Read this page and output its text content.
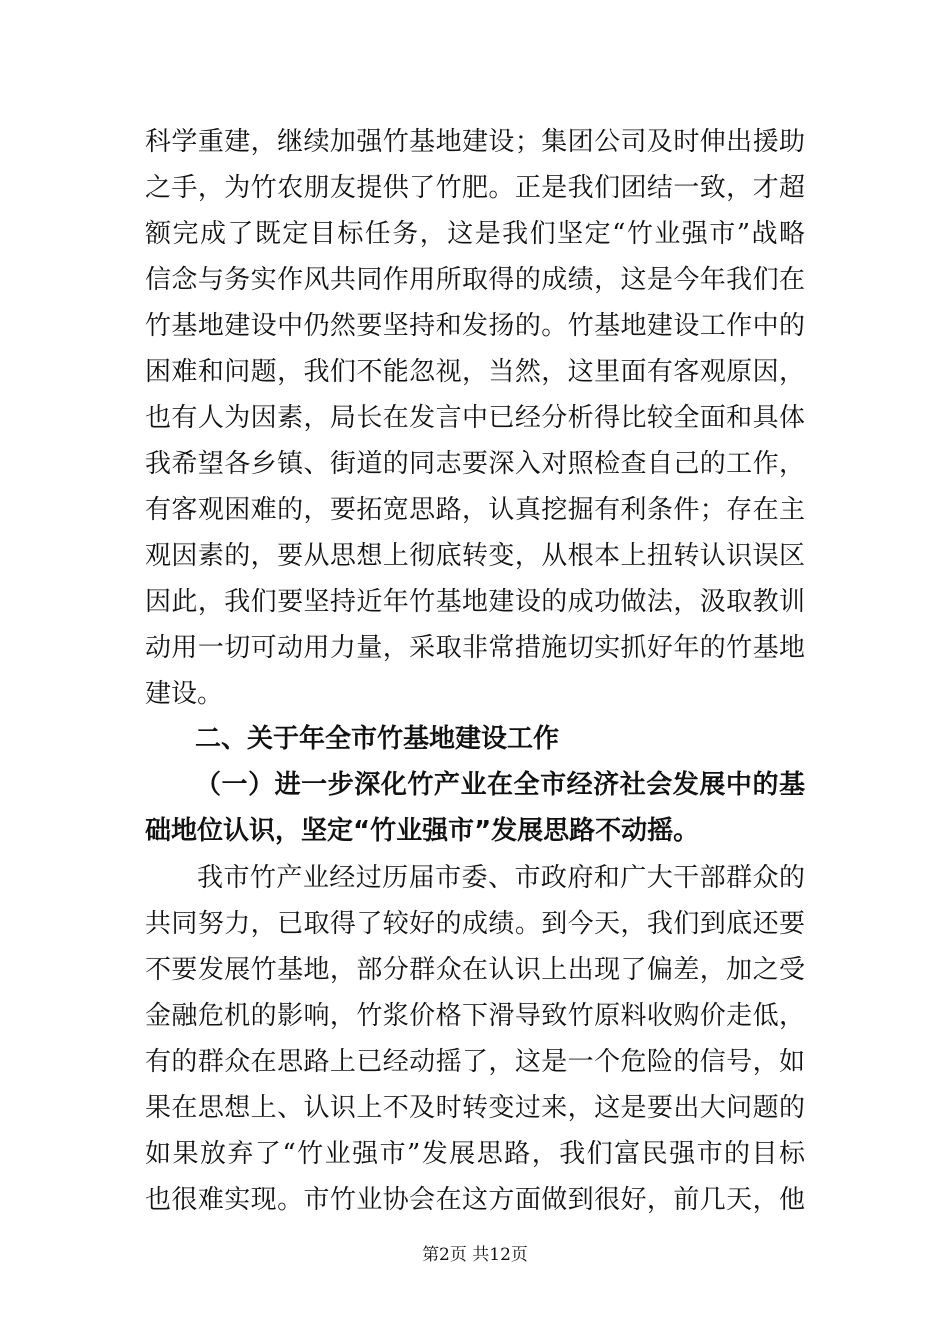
科学重建，继续加强竹基地建设；集团公司及时伸出援助
之手，为竹农朋友提供了竹肥。正是我们团结一致，才超
额完成了既定目标任务，这是我们坚定“竹业强市”战略
信念与务实作风共同作用所取得的成绩，这是今年我们在
竹基地建设中仍然要坚持和发扬的。竹基地建设工作中的
困难和问题，我们不能忽视，当然，这里面有客观原因，
也有人为因素，局长在发言中已经分析得比较全面和具体
我希望各乡镇、街道的同志要深入对照检查自己的工作，
有客观困难的，要拓宽思路，认真挖掘有利条件；存在主
观因素的，要从思想上彻底转变，从根本上扭转认识误区
因此，我们要坚持近年竹基地建设的成功做法，汲取教训
动用一切可动用力量，采取非常措施切实抓好年的竹基地
建设。
二、关于年全市竹基地建设工作
（一）进一步深化竹产业在全市经济社会发展中的基
础地位认识，坚定“竹业强市”发展思路不动摇。
我市竹产业经过历届市委、市政府和广大干部群众的
共同努力，已取得了较好的成绩。到今天，我们到底还要
不要发展竹基地，部分群众在认识上出现了偏差，加之受
金融危机的影响，竹浆价格下滑导致竹原料收购价走低，
有的群众在思路上已经动摇了，这是一个危险的信号，如
果在思想上、认识上不及时转变过来，这是要出大问题的
如果放弃了“竹业强市”发展思路，我们富民强市的目标
也很难实现。市竹业协会在这方面做到很好，前几天，他
第2页 共12页
